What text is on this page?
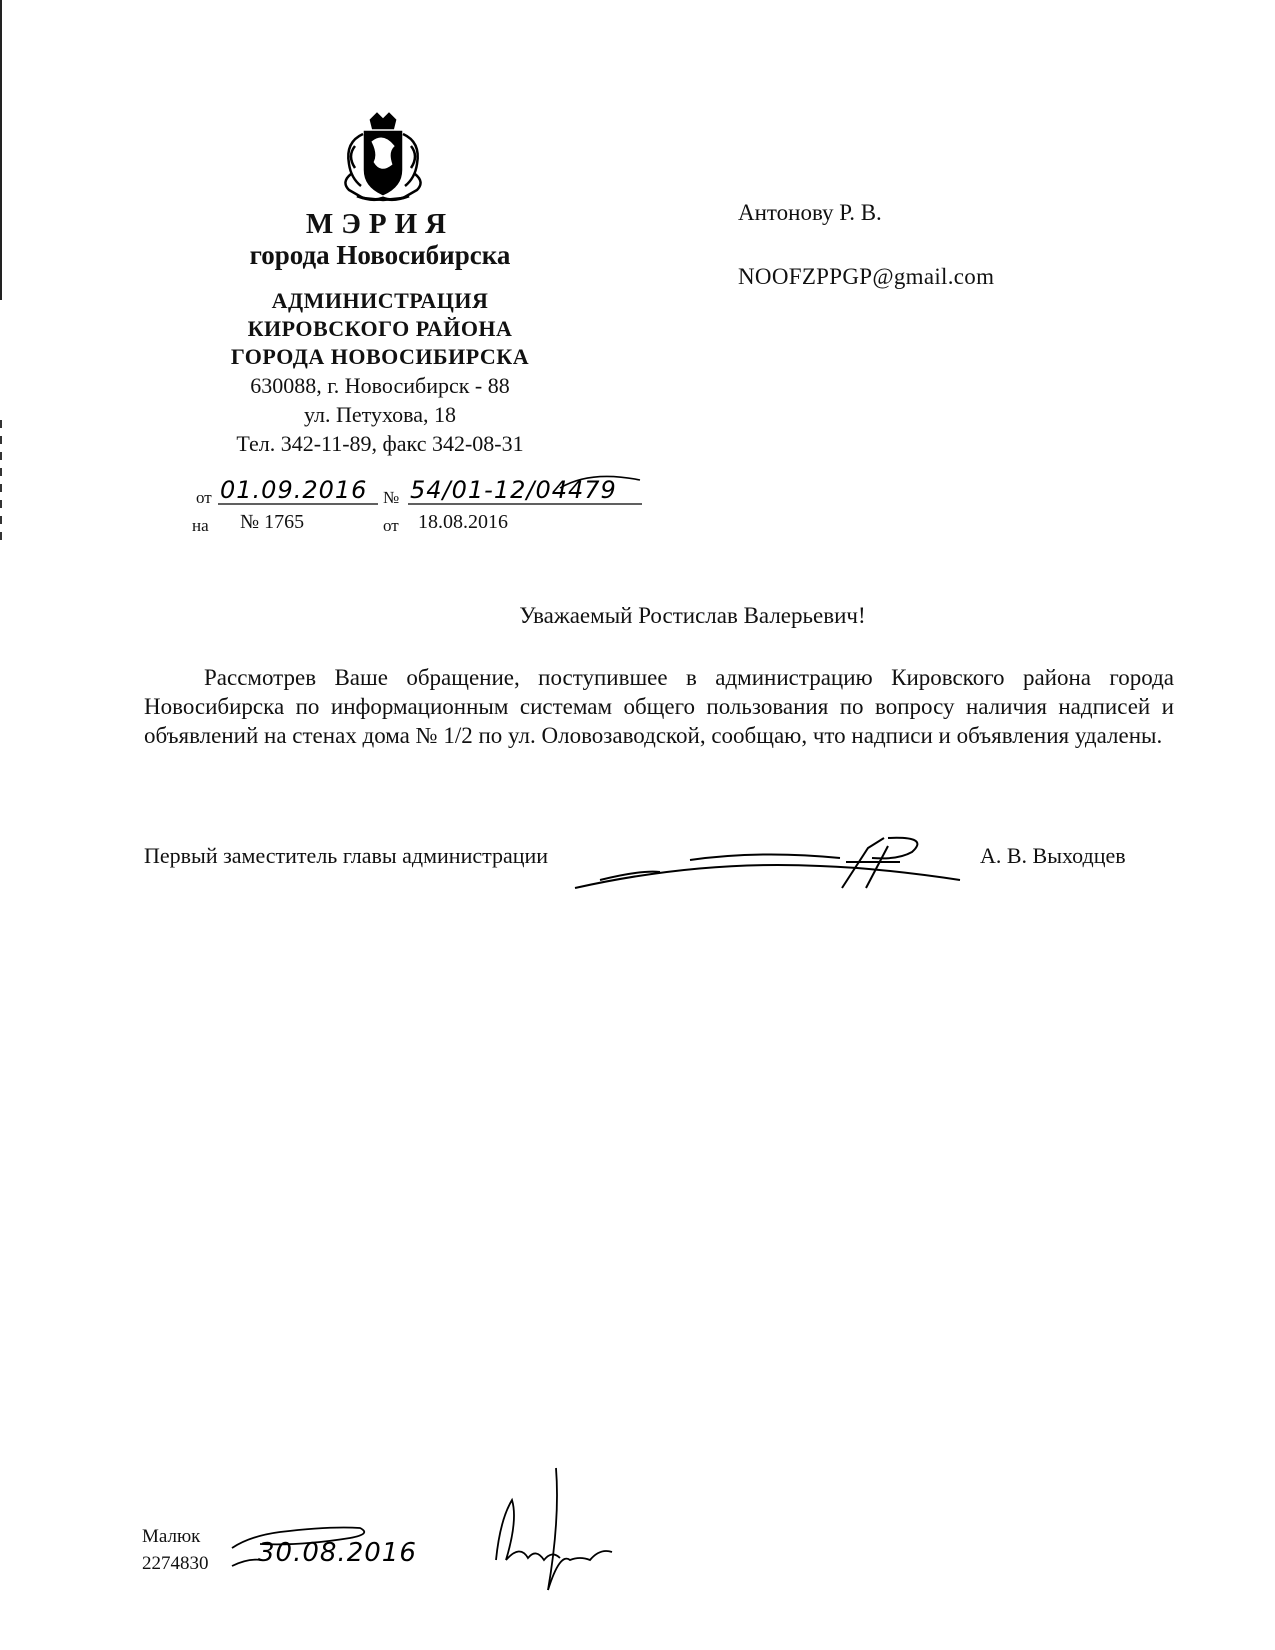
МЭРИЯ
города Новосибирска
АДМИНИСТРАЦИЯ
КИРОВСКОГО РАЙОНА
ГОРОДА НОВОСИБИРСКА
630088, г. Новосибирск - 88
ул. Петухова, 18
Тел. 342-11-89, факс 342-08-31
от 01.09.2016 № 54/01-12/04479
на № 1765	от 18.08.2016
Антонову Р. В.
NOOFZPPGP@gmail.com
Уважаемый Ростислав Валерьевич!
Рассмотрев Ваше обращение, поступившее в администрацию Кировского района города Новосибирска по информационным системам общего пользования по вопросу наличия надписей и объявлений на стенах дома № 1/2 по ул. Оловозаводской, сообщаю, что надписи и объявления удалены.
Первый заместитель главы администрации	А. В. Выходцев
Малюк
2274830 30.08.2016
